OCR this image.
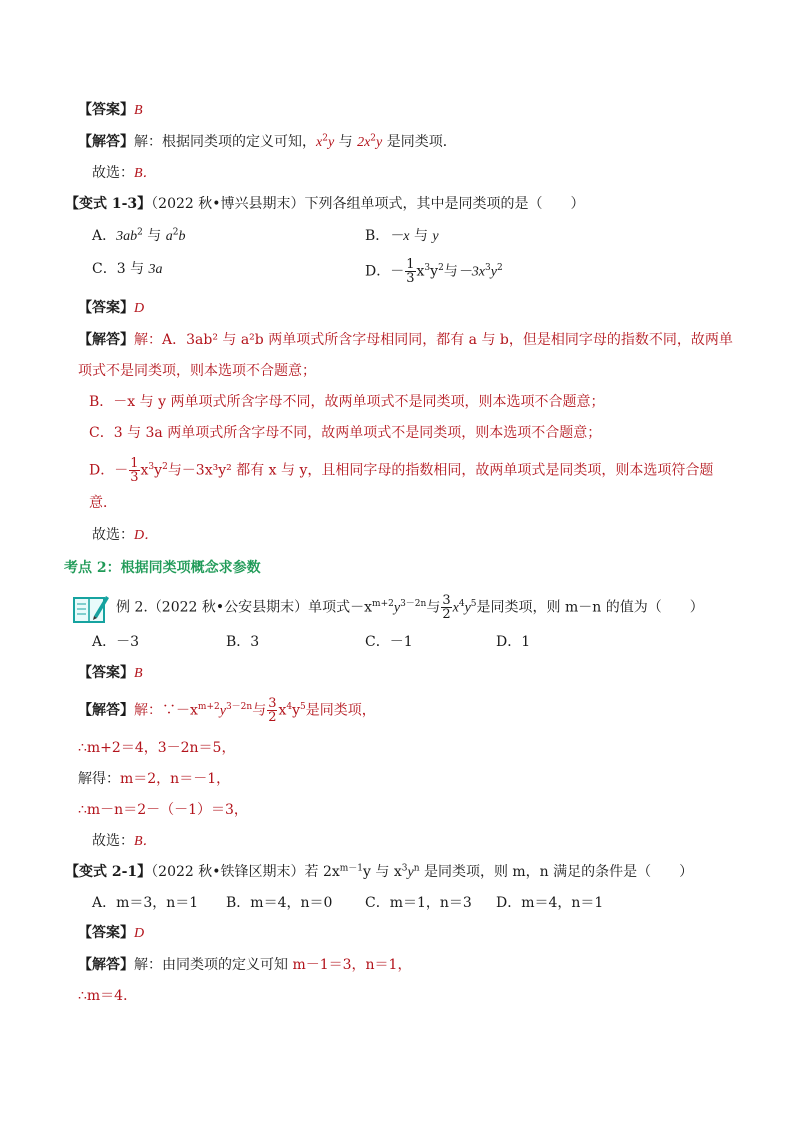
【答案】B
【解答】解：根据同类项的定义可知，$x^2y$ 与 $2x^2y$ 是同类项．
故选：B．
【变式 1-3】（2022 秋•博兴县期末）下列各组单项式，其中是同类项的是（　　）
A．$3ab^2$ 与 $a^2b$	B．－x 与 y
C．3 与 3a	D．－ $\frac{1}{3} x^3y^2$与$-3x^3y^2$
【答案】D
【解答】解：A．3ab² 与 a²b 两单项式所含字母相同同，都有 a 与 b，但是相同字母的指数不同，故两单
项式不是同类项，则本选项不合题意；
B．－x 与 y 两单项式所含字母不同，故两单项式不是同类项，则本选项不合题意；
C．3 与 3a 两单项式所含字母不同，故两单项式不是同类项，则本选项不合题意；
D．－ $\frac{1}{3} x^3y^2$与－3x³y² 都有 x 与 y，且相同字母的指数相同，故两单项式是同类项，则本选项符合题
意．
故选：D．
考点 2：根据同类项概念求参数
例 2.（2022 秋•公安县期末）单项式$-x^{m+2}y^{3-2n}$与 $\frac{3}{2} x^4y^5$是同类项，则 m－n 的值为（　　）
A．－3	B．3	C．－1	D．1
【答案】B
【解答】解：$\because-x^{m+2}y^{3-2n}$与 $\frac{3}{2} x^4y^5$是同类项，
∴m+2＝4，3－2n＝5，
解得：m＝2，n＝－1，
∴m－n＝2－（－1）＝3，
故选：B．
【变式 2-1】（2022 秋•铁锋区期末）若 $2x^{m-1}y$ 与 $x^3y^n$ 是同类项，则 m，n 满足的条件是（　　）
A．m＝3，n＝1 B．m＝4，n＝0 C．m＝1，n＝3 D．m＝4，n＝1
【答案】D
【解答】解：由同类项的定义可知 m－1＝3，n＝1，
∴m＝4．
